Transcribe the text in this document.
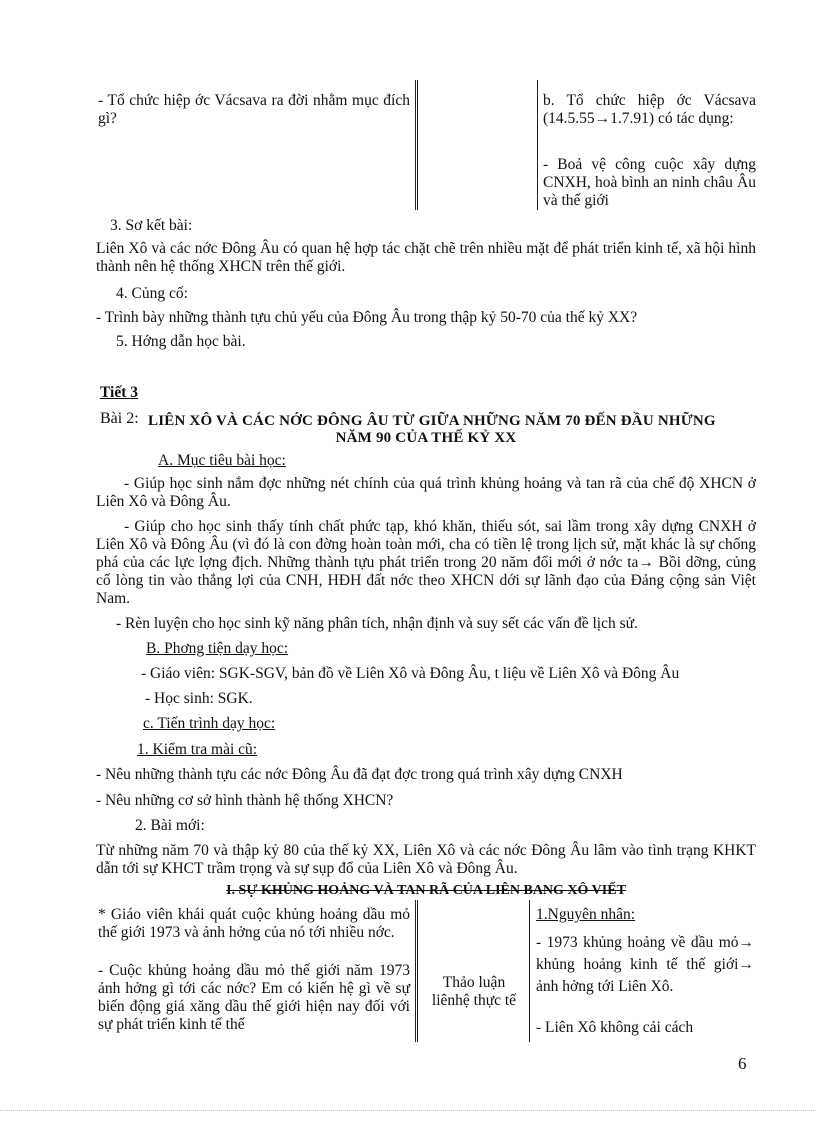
- Tổ chức hiệp ớc Vácsava ra đời nhằm mục đích gì?
b. Tổ chức hiệp ớc Vácsava (14.5.55→1.7.91) có tác dụng:
- Boả vệ công cuộc xây dựng CNXH, hoà bình an ninh châu Âu và thế giới
3. Sơ kết bài:
Liên Xô và các nớc Đông Âu có quan hệ hợp tác chặt chẽ trên nhiều mặt để phát triển kinh tế, xã hội hình thành nên hệ thống XHCN trên thế giới.
4. Củng cố:
- Trình bày những thành tựu chủ yếu của Đông Âu trong thập kỷ 50-70 của thế kỷ XX?
5. Hớng dẫn học bài.
Tiết 3
Bài 2: LIÊN XÔ VÀ CÁC NỚC ĐÔNG ÂU TỪ GIỮA NHỮNG NĂM 70 ĐẾN ĐẦU NHỮNG
NĂM 90 CỦA THẾ KỶ XX
A. Mục tiêu bài học:
- Giúp học sinh nắm đợc những nét chính của quá trình khủng hoảng và tan rã của chế độ XHCN ở Liên Xô và Đông Âu.
- Giúp cho học sinh thấy tính chất phức tạp, khó khăn, thiếu sót, sai lầm trong xây dựng CNXH ở Liên Xô và Đông Âu (vì đó là con đờng hoàn toàn mới, cha có tiền lệ trong lịch sử, mặt khác là sự chống phá của các lực lợng địch. Những thành tựu phát triển trong 20 năm đổi mới ở nớc ta→ Bồi dỡng, củng cố lòng tin vào thắng lợi của CNH, HĐH đất nớc theo XHCN dới sự lãnh đạo của Đảng cộng sản Việt Nam.
- Rèn luyện cho học sinh kỹ năng phân tích, nhận định và suy sết các vấn đề lịch sử.
B. Phơng tiện dạy học:
- Giáo viên: SGK-SGV, bản đồ về Liên Xô và Đông Âu, t liệu về Liên Xô và Đông Âu
- Học sinh: SGK.
c. Tiến trình dạy học:
1. Kiểm tra mài cũ:
- Nêu những thành tựu các nớc Đông Âu đã đạt đợc trong quá trình xây dựng CNXH
- Nêu những cơ sở hình thành hệ thống XHCN?
2. Bài mới:
Từ những năm 70 và thập kỷ 80 của thế kỷ XX, Liên Xô và các nớc Đông Âu lâm vào tình trạng KHKT dẫn tới sự KHCT trầm trọng và sự sụp đổ của Liên Xô và Đông Âu.
I. SỰ KHỦNG HOẢNG VÀ TAN RÃ CỦA LIÊN BANG XÔ VIẾT
* Giáo viên khái quát cuộc khủng hoảng dầu mỏ thế giới 1973 và ảnh hởng của nó tới nhiều nớc.
- Cuộc khủng hoảng dầu mỏ thế giới năm 1973 ảnh hởng gì tới các nớc? Em có kiến hệ gì về sự biến động giá xăng dầu thế giới hiện nay đối với sự phát triển kinh tế thế
Thảo luận liênhệ thực tế
1.Nguyên nhân:
- 1973 khủng hoảng về dầu mỏ→ khủng hoảng kinh tế thế giới→ ảnh hởng tới Liên Xô.
- Liên Xô không cải cách
6
